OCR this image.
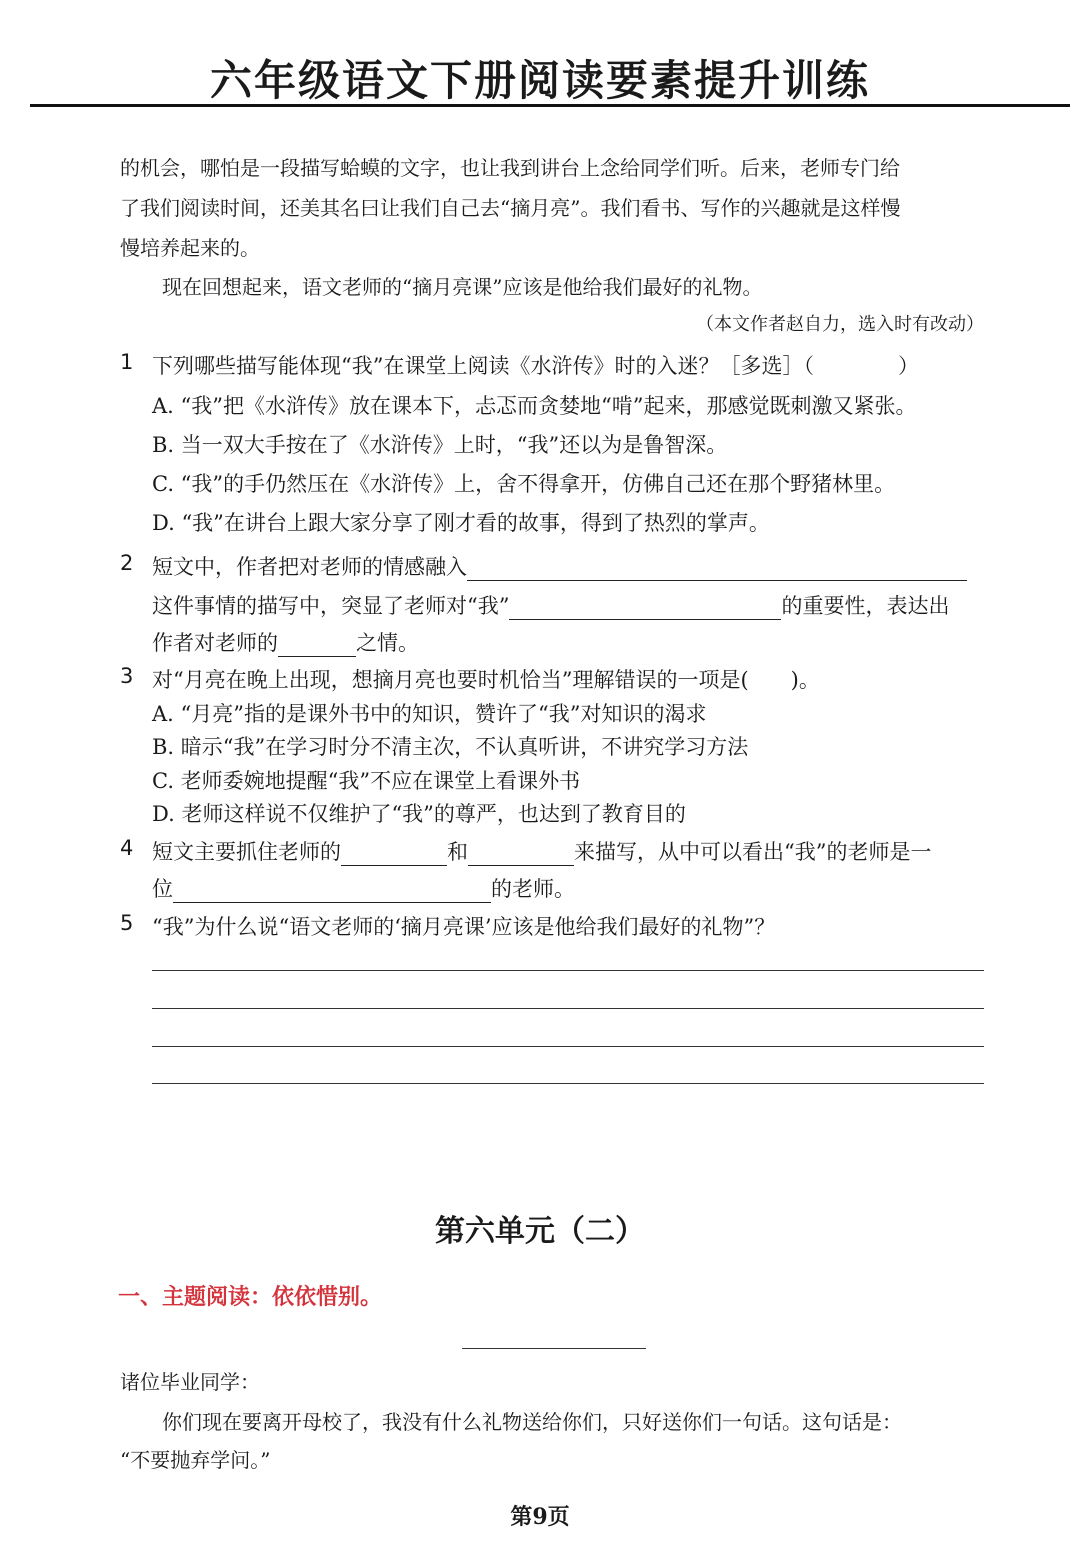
六年级语文下册阅读要素提升训练
的机会，哪怕是一段描写蛤蟆的文字，也让我到讲台上念给同学们听。后来，老师专门给
了我们阅读时间，还美其名曰让我们自己去“摘月亮”。我们看书、写作的兴趣就是这样慢
慢培养起来的。
现在回想起来，语文老师的“摘月亮课”应该是他给我们最好的礼物。
（本文作者赵自力，选入时有改动）
1 下列哪些描写能体现“我”在课堂上阅读《水浒传》时的入迷？［多选］（　　　　）
A. “我”把《水浒传》放在课本下，忐忑而贪婪地“啃”起来，那感觉既刺激又紧张。
B. 当一双大手按在了《水浒传》上时，“我”还以为是鲁智深。
C. “我”的手仍然压在《水浒传》上，舍不得拿开，仿佛自己还在那个野猪林里。
D. “我”在讲台上跟大家分享了刚才看的故事，得到了热烈的掌声。
2 短文中，作者把对老师的情感融入
这件事情的描写中，突显了老师对“我”	的重要性，表达出
作者对老师的	之情。
3 对“月亮在晚上出现，想摘月亮也要时机恰当”理解错误的一项是(　　)。
A. “月亮”指的是课外书中的知识，赞许了“我”对知识的渴求
B. 暗示“我”在学习时分不清主次，不认真听讲，不讲究学习方法
C. 老师委婉地提醒“我”不应在课堂上看课外书
D. 老师这样说不仅维护了“我”的尊严，也达到了教育目的
4 短文主要抓住老师的	和	来描写，从中可以看出“我”的老师是一
位	的老师。
5 “我”为什么说“语文老师的‘摘月亮课’应该是他给我们最好的礼物”？
第六单元（二）
一、主题阅读：依依惜别。
诸位毕业同学：
你们现在要离开母校了，我没有什么礼物送给你们，只好送你们一句话。这句话是：
“不要抛弃学问。”
第9页
